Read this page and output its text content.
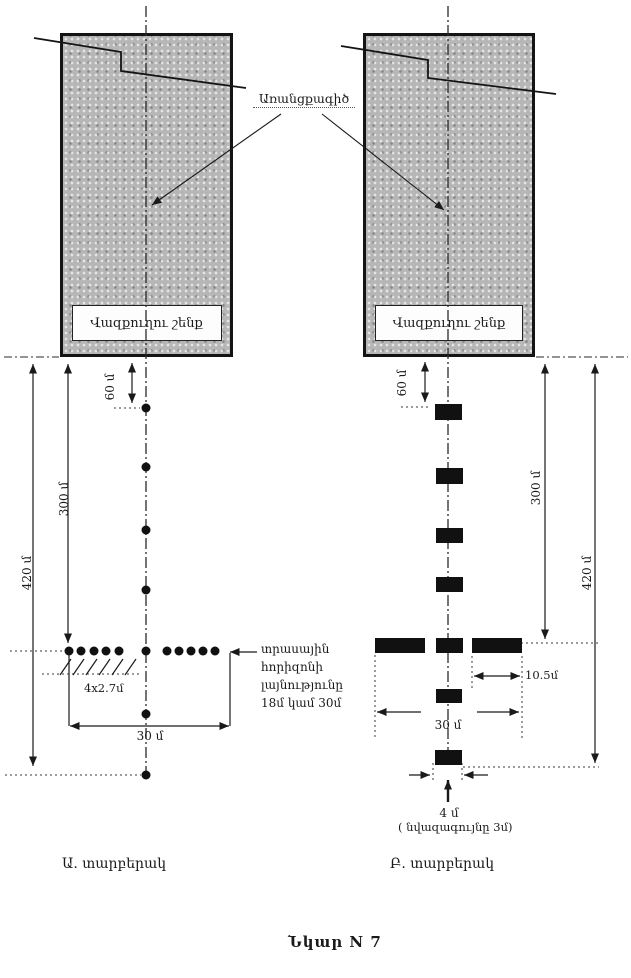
Վազքուղու շենք	Վազքուղու շենք
Առանցքագիծ
420 մ
300 մ
60 մ
4x2.7մ
30 մ
տրասային
հորիզոնի
լայնությունը
18մ կամ 30մ
60 մ
300 մ
420 մ
10.5մ
30 մ
4 մ
( նվազագույնը 3մ)
Ա. տարբերակ	Բ. տարբերակ
Նկար N 7
